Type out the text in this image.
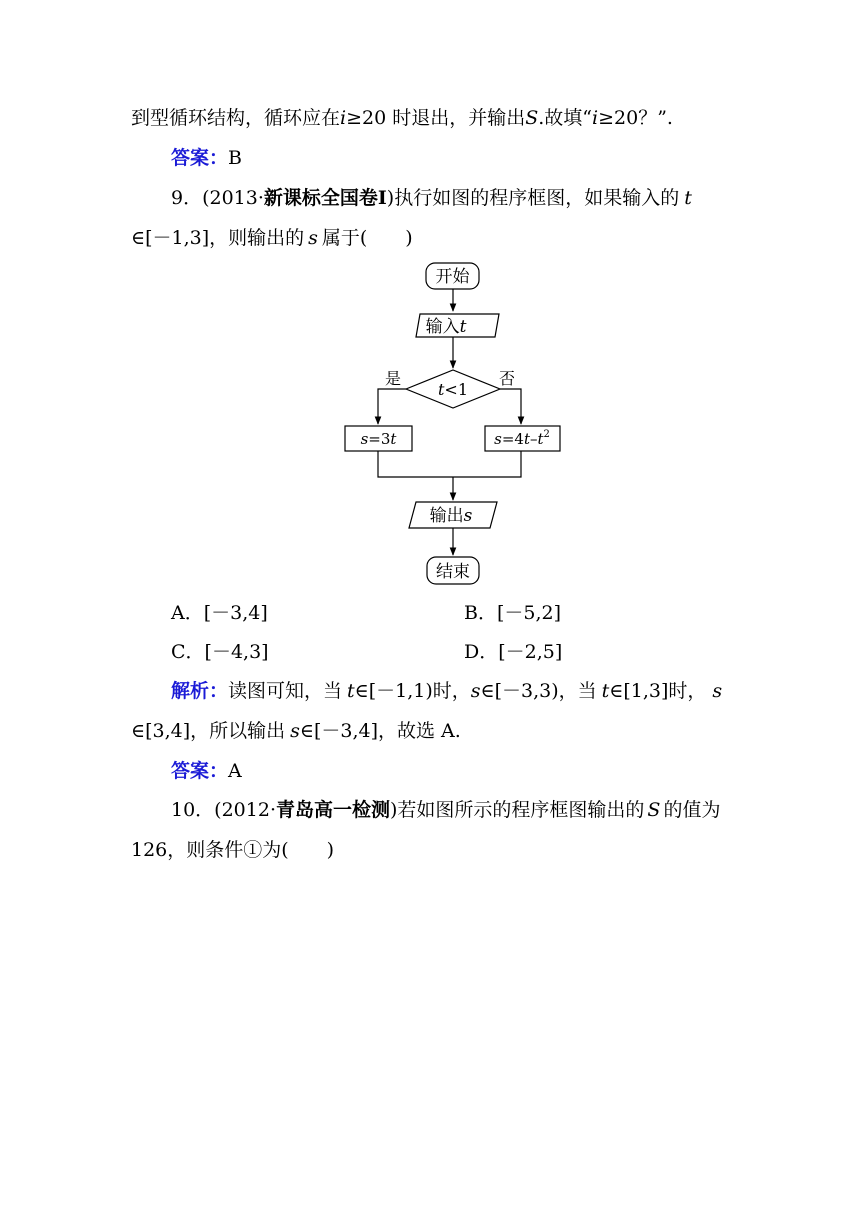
到型循环结构，循环应在i≥20 时退出，并输出S.故填“i≥20？”.
答案：B
9．(2013·新课标全国卷Ⅰ)执行如图的程序框图，如果输入的 t
∈[－1,3]，则输出的 s 属于(　　)
开始
输入t
t<1
是	否
s=3t	$s=4t-t^2$
输出s
结束
A．[－3,4]	B．[－5,2]
C．[－4,3]	D．[－2,5]
解析：读图可知，当 t∈[－1,1)时，s∈[－3,3)，当 t∈[1,3]时， s
∈[3,4]，所以输出 s∈[－3,4]，故选 A.
答案：A
10．(2012·青岛高一检测)若如图所示的程序框图输出的 S 的值为
126，则条件①为(　　)
